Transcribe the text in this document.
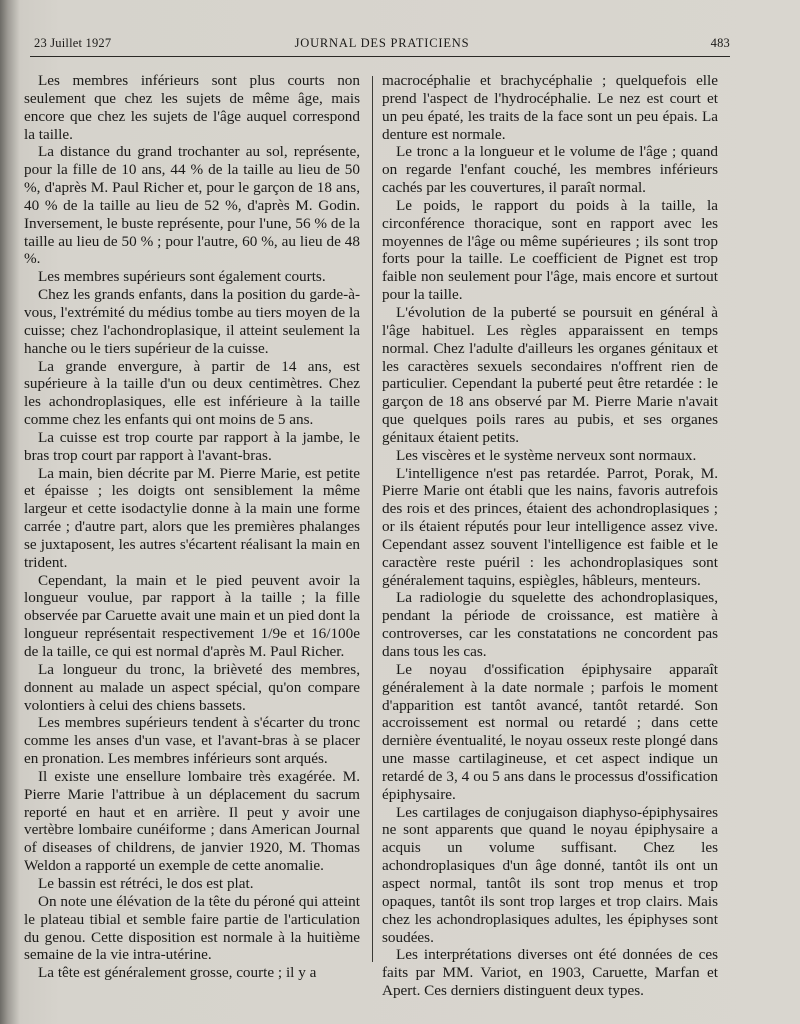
23 Juillet 1927	JOURNAL DES PRATICIENS	483

Les membres inférieurs sont plus courts non seulement que chez les sujets de même âge, mais encore que chez les sujets de l'âge auquel correspond la taille.

La distance du grand trochanter au sol, représente, pour la fille de 10 ans, 44 % de la taille au lieu de 50 %, d'après M. Paul Richer et, pour le garçon de 18 ans, 40 % de la taille au lieu de 52 %, d'après M. Godin. Inversement, le buste représente, pour l'une, 56 % de la taille au lieu de 50 % ; pour l'autre, 60 %, au lieu de 48 %.

Les membres supérieurs sont également courts.

Chez les grands enfants, dans la position du garde-à-vous, l'extrémité du médius tombe au tiers moyen de la cuisse; chez l'achondroplasique, il atteint seulement la hanche ou le tiers supérieur de la cuisse.

La grande envergure, à partir de 14 ans, est supérieure à la taille d'un ou deux centimètres. Chez les achondroplasiques, elle est inférieure à la taille comme chez les enfants qui ont moins de 5 ans.

La cuisse est trop courte par rapport à la jambe, le bras trop court par rapport à l'avant-bras.

La main, bien décrite par M. Pierre Marie, est petite et épaisse ; les doigts ont sensiblement la même largeur et cette isodactylie donne à la main une forme carrée ; d'autre part, alors que les premières phalanges se juxtaposent, les autres s'écartent réalisant la main en trident.

Cependant, la main et le pied peuvent avoir la longueur voulue, par rapport à la taille ; la fille observée par Caruette avait une main et un pied dont la longueur représentait respectivement 1/9e et 16/100e de la taille, ce qui est normal d'après M. Paul Richer.

La longueur du tronc, la brièveté des membres, donnent au malade un aspect spécial, qu'on compare volontiers à celui des chiens bassets.

Les membres supérieurs tendent à s'écarter du tronc comme les anses d'un vase, et l'avant-bras à se placer en pronation. Les membres inférieurs sont arqués.

Il existe une ensellure lombaire très exagérée. M. Pierre Marie l'attribue à un déplacement du sacrum reporté en haut et en arrière. Il peut y avoir une vertèbre lombaire cunéiforme ; dans American Journal of diseases of childrens, de janvier 1920, M. Thomas Weldon a rapporté un exemple de cette anomalie.

Le bassin est rétréci, le dos est plat.

On note une élévation de la tête du péroné qui atteint le plateau tibial et semble faire partie de l'articulation du genou. Cette disposition est normale à la huitième semaine de la vie intra-utérine.

La tête est généralement grosse, courte ; il y a

macrocéphalie et brachycéphalie ; quelquefois elle prend l'aspect de l'hydrocéphalie. Le nez est court et un peu épaté, les traits de la face sont un peu épais. La denture est normale.

Le tronc a la longueur et le volume de l'âge ; quand on regarde l'enfant couché, les membres inférieurs cachés par les couvertures, il paraît normal.

Le poids, le rapport du poids à la taille, la circonférence thoracique, sont en rapport avec les moyennes de l'âge ou même supérieures ; ils sont trop forts pour la taille. Le coefficient de Pignet est trop faible non seulement pour l'âge, mais encore et surtout pour la taille.

L'évolution de la puberté se poursuit en général à l'âge habituel. Les règles apparaissent en temps normal. Chez l'adulte d'ailleurs les organes génitaux et les caractères sexuels secondaires n'offrent rien de particulier. Cependant la puberté peut être retardée : le garçon de 18 ans observé par M. Pierre Marie n'avait que quelques poils rares au pubis, et ses organes génitaux étaient petits.

Les viscères et le système nerveux sont normaux.

L'intelligence n'est pas retardée. Parrot, Porak, M. Pierre Marie ont établi que les nains, favoris autrefois des rois et des princes, étaient des achondroplasiques ; or ils étaient réputés pour leur intelligence assez vive. Cependant assez souvent l'intelligence est faible et le caractère reste puéril : les achondroplasiques sont généralement taquins, espiègles, hâbleurs, menteurs.

La radiologie du squelette des achondroplasiques, pendant la période de croissance, est matière à controverses, car les constatations ne concordent pas dans tous les cas.

Le noyau d'ossification épiphysaire apparaît généralement à la date normale ; parfois le moment d'apparition est tantôt avancé, tantôt retardé. Son accroissement est normal ou retardé ; dans cette dernière éventualité, le noyau osseux reste plongé dans une masse cartilagineuse, et cet aspect indique un retardé de 3, 4 ou 5 ans dans le processus d'ossification épiphysaire.

Les cartilages de conjugaison diaphyso-épiphysaires ne sont apparents que quand le noyau épiphysaire a acquis un volume suffisant. Chez les achondroplasiques d'un âge donné, tantôt ils ont un aspect normal, tantôt ils sont trop menus et trop opaques, tantôt ils sont trop larges et trop clairs. Mais chez les achondroplasiques adultes, les épiphyses sont soudées.

Les interprétations diverses ont été données de ces faits par MM. Variot, en 1903, Caruette, Marfan et Apert. Ces derniers distinguent deux types.
